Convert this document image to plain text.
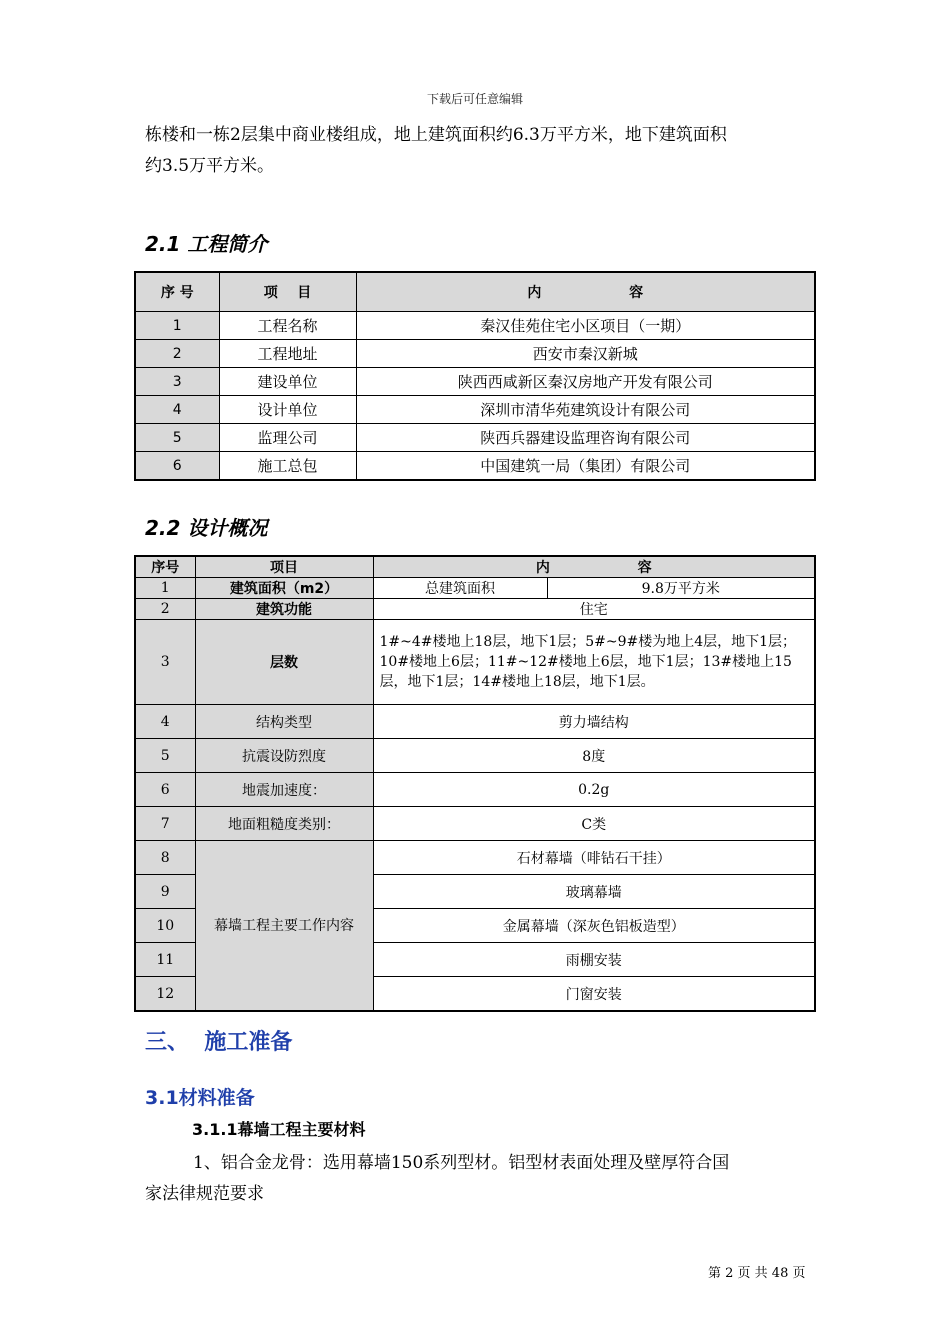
下载后可任意编辑
栋楼和一栋2层集中商业楼组成，地上建筑面积约6.3万平方米，地下建筑面积
约3.5万平方米。
2.1 工程简介
序 号	项    目	内                  容
1	工程名称	秦汉佳苑住宅小区项目（一期）
2	工程地址	西安市秦汉新城
3	建设单位	陕西西咸新区秦汉房地产开发有限公司
4	设计单位	深圳市清华苑建筑设计有限公司
5	监理公司	陕西兵器建设监理咨询有限公司
6	施工总包	中国建筑一局（集团）有限公司
2.2 设计概况
序号	项目	内                  容	
1	建筑面积（m2）	总建筑面积	9.8万平方米
2	建筑功能	住宅	
3	层数	1#~4#楼地上18层，地下1层；5#~9#楼为地上4层，地下1层；10#楼地上6层；11#~12#楼地上6层，地下1层；13#楼地上15层，地下1层；14#楼地上18层，地下1层。	
4	结构类型	剪力墙结构	
5	抗震设防烈度	8度	
6	地震加速度：	0.2g	
7	地面粗糙度类别：	C类	
8	幕墙工程主要工作内容	石材幕墙（啡钻石干挂）	
9		玻璃幕墙	
10		金属幕墙（深灰色铝板造型）	
11		雨棚安装	
12		门窗安装	
三、  施工准备
3.1材料准备
3.1.1幕墙工程主要材料
1、铝合金龙骨：选用幕墙150系列型材。铝型材表面处理及壁厚符合国
家法律规范要求
第 2 页 共 48 页
